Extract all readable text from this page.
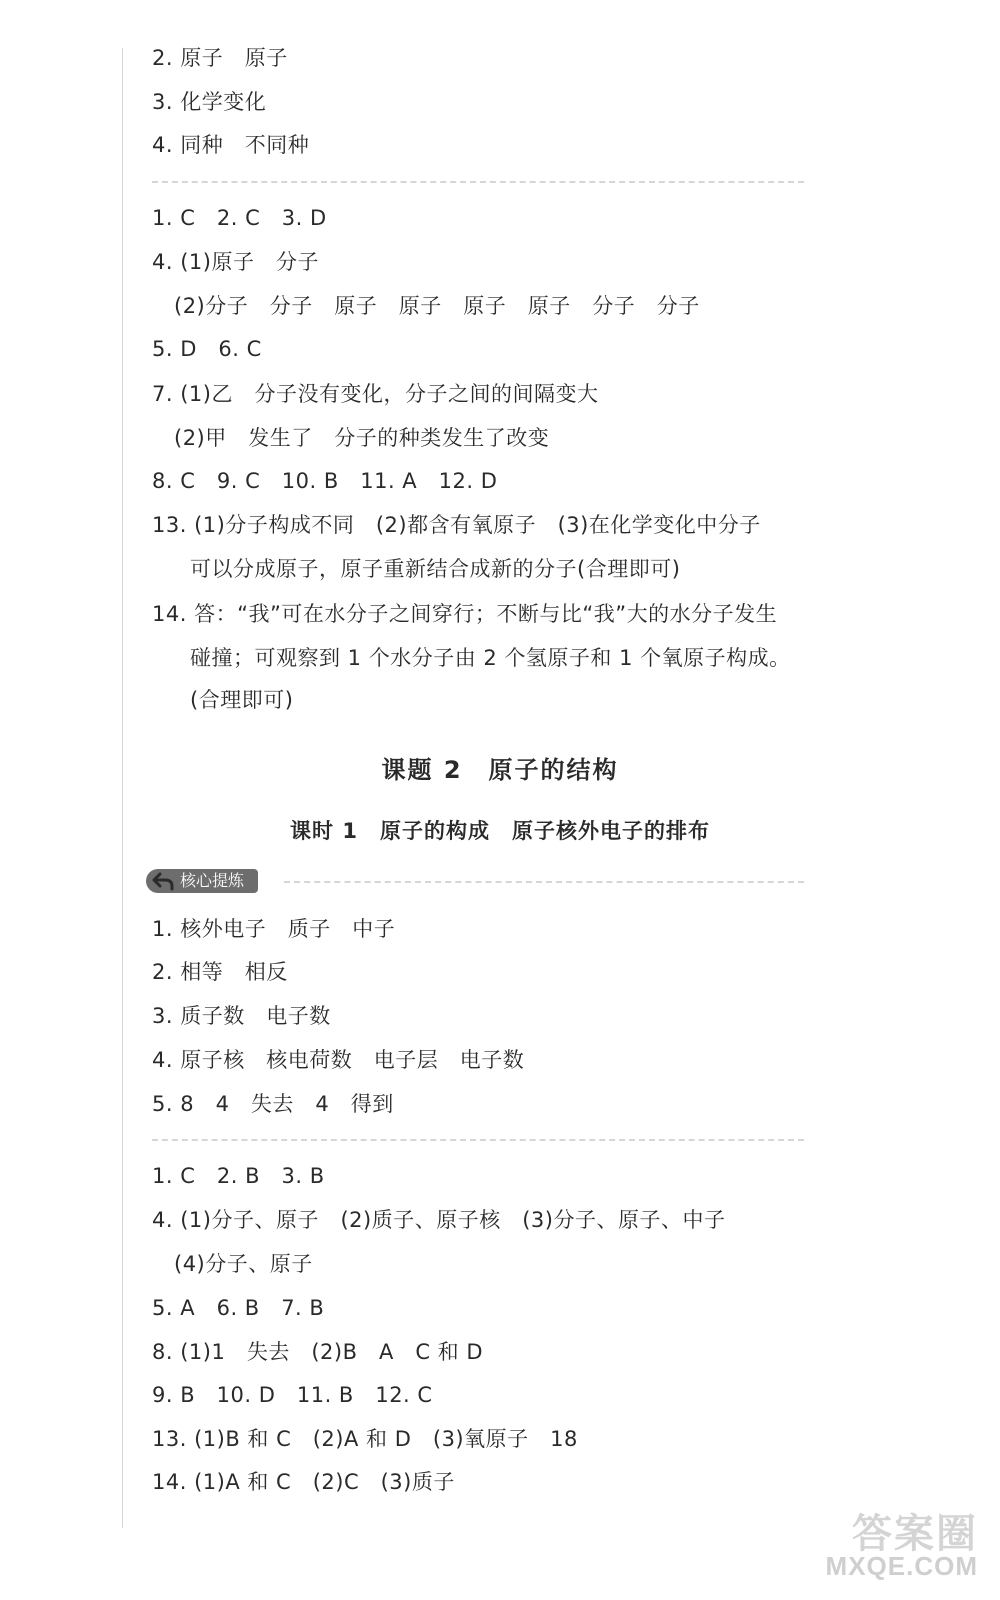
2. 原子　原子
3. 化学变化
4. 同种　不同种
1. C　2. C　3. D
4. (1)原子　分子
(2)分子　分子　原子　原子　原子　原子　分子　分子
5. D　6. C
7. (1)乙　分子没有变化，分子之间的间隔变大
(2)甲　发生了　分子的种类发生了改变
8. C　9. C　10. B　11. A　12. D
13. (1)分子构成不同　(2)都含有氧原子　(3)在化学变化中分子
可以分成原子，原子重新结合成新的分子(合理即可)
14. 答：“我”可在水分子之间穿行；不断与比“我”大的水分子发生
碰撞；可观察到 1 个水分子由 2 个氢原子和 1 个氧原子构成。
(合理即可)
课题 2　原子的结构
课时 1　原子的构成　原子核外电子的排布
核心提炼
1. 核外电子　质子　中子
2. 相等　相反
3. 质子数　电子数
4. 原子核　核电荷数　电子层　电子数
5. 8　4　失去　4　得到
1. C　2. B　3. B
4. (1)分子、原子　(2)质子、原子核　(3)分子、原子、中子
(4)分子、原子
5. A　6. B　7. B
8. (1)1　失去　(2)B　A　C 和 D
9. B　10. D　11. B　12. C
13. (1)B 和 C　(2)A 和 D　(3)氧原子　18
14. (1)A 和 C　(2)C　(3)质子
答案圈
MXQE.COM
